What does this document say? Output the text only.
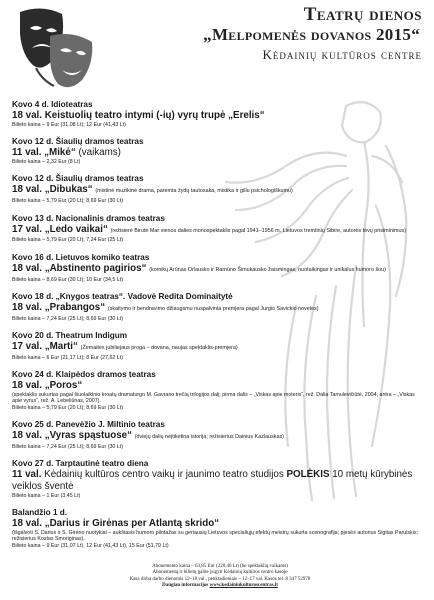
Teatrų dienos
„Melpomenės dovanos 2015“
Kėdainių kultūros centre
Kovo 4 d. Idioteatras
18 val. Keistuolių teatro intymi (-ių) vyrų trupė „Erelis“
Bilieto kaina – 9 Eur (31,08 Lt); 12 Eur (41,43 Lt)
Kovo 12 d. Šiaulių dramos teatras
11 val. „Mikė“ (vaikams)
Bilieto kaina – 2,32 Eur (8 Lt)
Kovo 12 d. Šiaulių dramos teatras
18 val. „Dibukas“ (mistinė muzikinė drama, paremta žydų tautosaka, mistika ir giliu psichologiškumu)
Bilieto kaina – 5,79 Eur (20 Lt); 8,69 Eur (30 Lt)
Kovo 13 d. Nacionalinis dramos teatras
17 val. „Ledo vaikai“ (režisierė Birutė Mar vienos dalies monospektaklis pagal 1941–1956 m. Lietuvos tremtinių Sibire, autorės tėvų prisiminimus)
Bilieto kaina – 5,79 Eur (20 Lt); 7,24 Eur (25 Lt)
Kovo 16 d. Lietuvos komiko teatras
18 val. „Abstinento pagirios“ (komikų Arūnas Orlausko ir Ramūno Šimukausko žaismingas, nuotaikingas ir unikalus humoro šou)
Bilieto kaina – 8,69 Eur (30 Lt); 10 Eur (34,5 Lt)
Kovo 18 d. „Knygos teatras“. Vadovė Redita Dominaitytė
18 val. „Prabangos“ (skaitymo ir bendravimo džiaugsmu nuspalvinta premjera pagal Jurgio Savickio noveles)
Bilieto kaina – 7,24 Eur (25 Lt); 8,69 Eur (30 Lt)
Kovo 20 d. Theatrum Indigum
17 val. „Marti“ (Žemaitės jubiliejaus proga – dovana, naujas spektaklis-premjera)
Bilieto kaina – 6 Eur (21,17 Lt); 8 Eur (27,62 Lt)
Kovo 24 d. Klaipėdos dramos teatras
18 val. „Poros“
(spektaklis sukurtas pagal šiuolaikinio kroatų dramaturgo M. Gavrano trečią trilogijos dalį; pirma dalis – „Viskas apie moteris“, rež. Dalia Tamulevičiūtė, 2004; antra – „Viskas apie vyrus“, rež. A. Lebeliūnas, 2007).
Bilieto kaina – 5,79 Eur (20 Lt); 8,69 Eur (30 Lt)
Kovo 25 d. Panevėžio J. Miltinio teatras
18 val. „Vyras spąstuose“ (dviejų dalių neįtikėtina istorija; režisierius Dainius Kazlauskas)
Bilieto kaina – 7,24 Eur (25 Lt); 8,69 Eur (30 Lt)
Kovo 27 d. Tarptautinė teatro diena
11 val. Kėdainių kultūros centro vaikų ir jaunimo teatro studijos POLĖKIS 10 metų kūrybinės veiklos šventė
Bilieto kaina – 1 Eur (3,45 Lt)
Balandžio 1 d.
18 val. „Darius ir Girėnas per Atlantą skrido“
(išgalvoti S. Darius ir S. Girėno nuotykiai – aukštasis humoro pilotažas su geriausių Lietuvos specialiųjų efektų meistrų sukurta scenografija; pjesės autorius Sigitas Parulskis; režisierius Kostas Smoriginas).
Bilieto kaina – 9 Eur (31,07 Lt), 12 Eur (41,43 Lt), 15 Eur (51,79 Lt)
Abonemento kaina – 63,85 Eur (220,46 Lt) (be spektaklių vaikams)
Abonementą ir bilietų galite įsigyti Kėdainių kultūros centro kasoje
Kasa dirba darbo dienomis 12–18 val., penktadieniais – 12–17 val. Kasos tel. 8 347 52978
Daugiau informacijos www.kedainiukulturoscentras.lt
